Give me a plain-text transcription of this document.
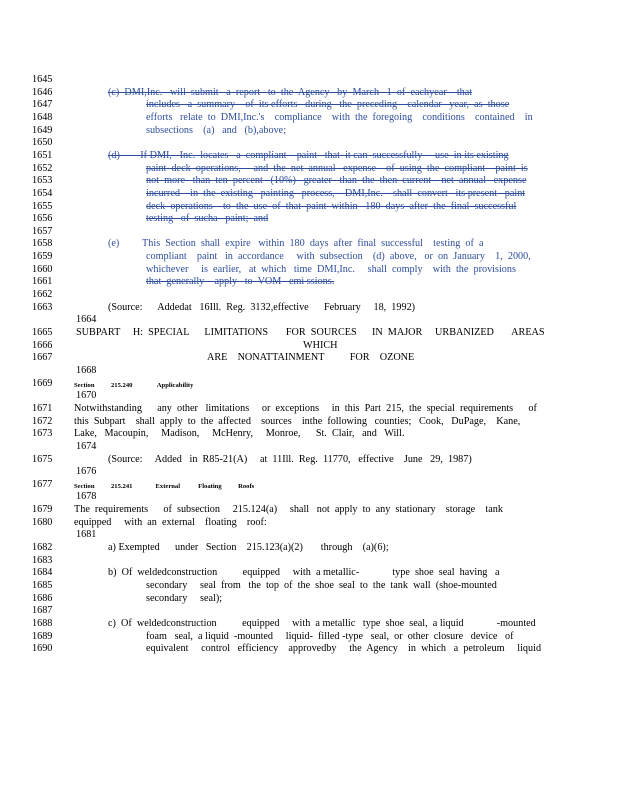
1645
1646	(c)  DMI,Inc.   will  submit   a  report   to  the  Agency   by  March   1  of  eachyear    that
1647	includes   a  summary    of  its efforts   during   the  preceding    calendar   year,  as  those
1648	efforts   relate  to  DMI,Inc.'s    compliance    with  the  foregoing    conditions    contained    in
1649	subsections    (a)   and   (b),above;
1650
1651	(d)        If DMI,   Inc.  locates   a  compliant    paint   that  it can  successfully     use  in its existing
1652	paint  deck  operations,     and  the  net  annual   expense    of  using  the  compliant    paint  is
1653	not  more   than  ten  percent   (10%)   greater   than  the  then  current    net  annual   expense
1654	incurred    in  the  existing   painting   process,    DMI,Inc.    shall  convert   its present   paint
1655	deck  operations    to  the  use  of  that  paint  within   180  days  after  the  final  successful
1656	testing   of  sucha   paint;  and
1657
1658	(e)         This  Section  shall  expire   within  180  days  after  final  successful    testing  of  a
1659	compliant    paint   in  accordance     with  subsection    (d)  above,   or  on  January    1,  2000,
1660	whichever     is  earlier,   at  which   time  DMI,Inc.     shall  comply    with  the  provisions
1661	that  generally    apply   to  VOM   emi ssions.
1662
1663	(Source:      Addedat   16Ill.  Reg.  3132,effective      February     18,  1992)
1664
1665 SUBPART     H:  SPECIAL      LIMITATIONS       FOR  SOURCES      IN  MAJOR     URBANIZED       AREAS
1666	WHICH
1667	ARE    NONATTAINMENT          FOR    OZONE
1668
1669	Section          215.240               Applicability
1670
1671 Notwithstanding      any  other   limitations     or  exceptions     in  this  Part  215,  the  special  requirements      of
1672 this  Subpart    shall  apply  to  the  affected    sources    inthe  following   counties;   Cook,   DuPage,    Kane,
1673 Lake,   Macoupin,     Madison,     McHenry,     Monroe,      St.  Clair,   and   Will.
1674
1675	(Source:     Added   in  R85-21(A)     at  11Ill.  Reg.  11770,   effective    June   29,  1987)
1676
1677	Section          215.241              External           Floating          Roofs
1678
1679 The  requirements      of  subsection     215.124(a)     shall   not  apply  to  any  stationary    storage    tank
1680 equipped     with  an  external    floating    roof:
1681
1682	a) Exempted      under   Section    215.123(a)(2)       through    (a)(6);
1683
1684	b)  Of  weldedconstruction          equipped     with  a metallic-             type  shoe  seal  having   a
1685	secondary     seal  from   the  top  of  the  shoe  seal  to  the  tank  wall  (shoe-mounted
1686	secondary     seal);
1687
1688	c)  Of  weldedconstruction          equipped     with  a metallic   type  shoe  seal,  a liquid             -mounted
1689	foam   seal,  a liquid  -mounted     liquid-  filled -type   seal,  or  other  closure   device   of
1690	equivalent     control   efficiency    approvedby     the  Agency    in  which   a  petroleum     liquid
